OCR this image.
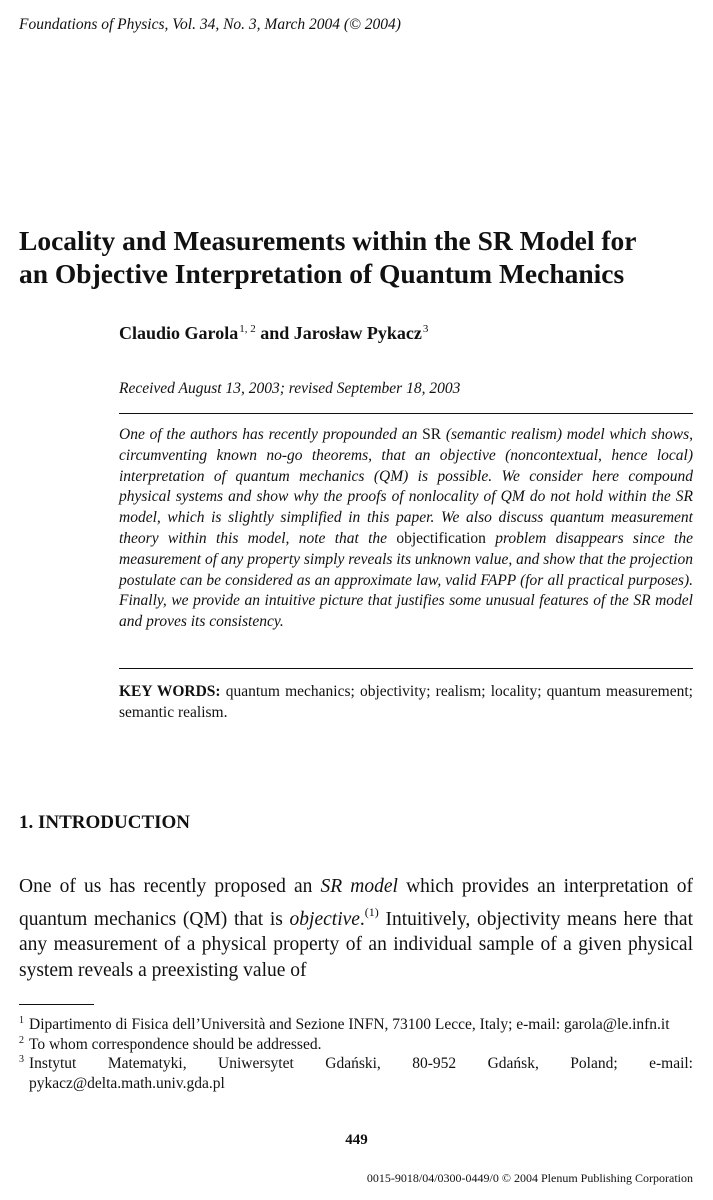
Foundations of Physics, Vol. 34, No. 3, March 2004 (© 2004)
Locality and Measurements within the SR Model for
an Objective Interpretation of Quantum Mechanics
Claudio Garola$^{1, 2}$ and Jarosław Pykacz$^3$
Received August 13, 2003; revised September 18, 2003
One of the authors has recently propounded an SR (semantic realism) model which shows, circumventing known no-go theorems, that an objective (noncontextual, hence local) interpretation of quantum mechanics (QM) is possible. We consider here compound physical systems and show why the proofs of nonlocality of QM do not hold within the SR model, which is slightly simplified in this paper. We also discuss quantum measurement theory within this model, note that the objectification problem disappears since the measurement of any property simply reveals its unknown value, and show that the projection postulate can be considered as an approximate law, valid FAPP (for all practical purposes). Finally, we provide an intuitive picture that justifies some unusual features of the SR model and proves its consistency.
KEY WORDS: quantum mechanics; objectivity; realism; locality; quantum measurement; semantic realism.
1. INTRODUCTION
One of us has recently proposed an SR model which provides an interpretation of quantum mechanics (QM) that is objective.$^{(1)}$ Intuitively, objectivity means here that any measurement of a physical property of an individual sample of a given physical system reveals a preexisting value of
1 Dipartimento di Fisica dell’Università and Sezione INFN, 73100 Lecce, Italy; e-mail: garola@le.infn.it
2 To whom correspondence should be addressed.
3 Instytut Matematyki, Uniwersytet Gdański, 80-952 Gdańsk, Poland; e-mail: pykacz@delta.math.univ.gda.pl
449
0015-9018/04/0300-0449/0 © 2004 Plenum Publishing Corporation
